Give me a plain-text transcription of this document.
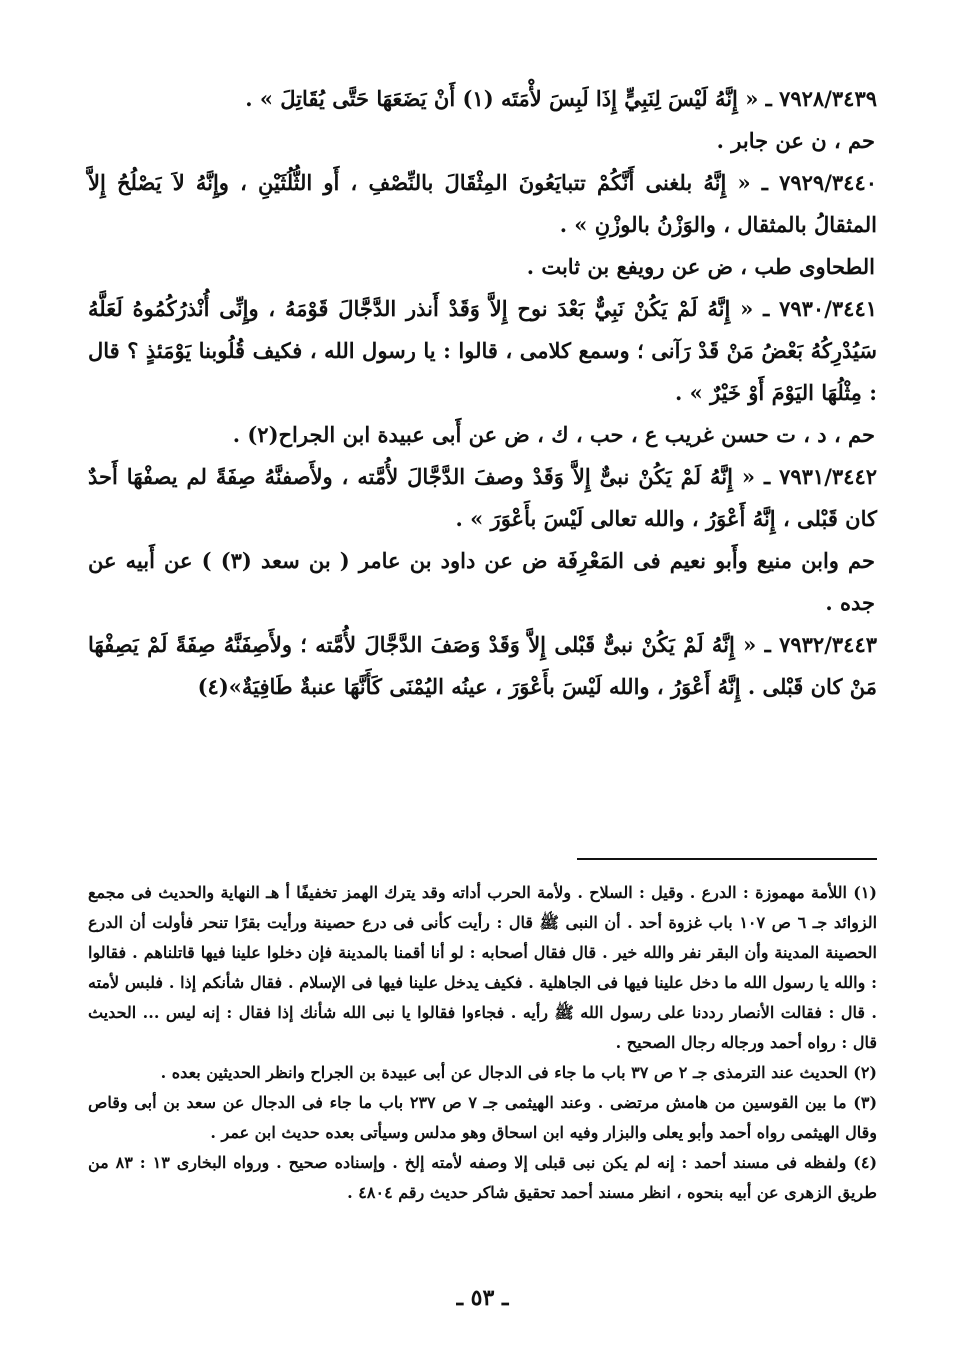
٧٩٢٨/٣٤٣٩ ـ « إِنَّهُ لَيْسَ لِنَبِيٍّ إِذَا لَبِسَ لأْمَتَه (١) أَنْ يَضَعَهَا حَتَّى يُقَاتِلَ » .

حم ، ن عن جابر .

٧٩٢٩/٣٤٤٠ ـ « إِنَّهُ بلغنى أَنَّكُمْ تتبايَعُونَ المِثْقَالَ بالنِّصْفِ ، أَو الثُّلُثَيْنِ ، وإِنَّهُ لاَ يَصْلُحُ إِلاَّ المثقالُ بالمثقال ، والوَزْنُ بالوزْنِ » .

الطحاوى طب ، ض عن رويفع بن ثابت .

٧٩٣٠/٣٤٤١ ـ « إِنَّهُ لَمْ يَكُنْ نَبِيٌّ بَعْدَ نوح إِلاَّ وَقَدْ أَنذر الدَّجَّالَ قَوْمَهُ ، وإِنِّى أُنْذرُكُمُوهُ لَعَلَّهُ سَيُدْرِكُهُ بَعْضُ مَنْ قَدْ رَآنى ؛ وسمع كلامى ، قالوا : يا رسول الله ، فكيف قُلُوبنا يَوْمَئذٍ ؟ قال : مِثْلُهَا اليَوْمَ أَوْ خَيْرٌ » .

حم ، د ، ت حسن غريب ع ، حب ، ك ، ض عن أَبى عبيدة ابن الجراح(٢) .

٧٩٣١/٣٤٤٢ ـ « إِنَّهُ لَمْ يَكُنْ نبىٌّ إِلاَّ وَقَدْ وصفَ الدَّجَّالَ لأُمَّته ، ولأَصفنَّهُ صِفَةً لم يصفْهَا أَحدٌ كان قَبْلى ، إِنَّهُ أَعْوَرُ ، والله تعالى لَيْسَ بأَعْوَرَ » .

حم وابن منيع وأَبو نعيم فى المَعْرِفَة ض عن داود بن عامر ( بن سعد (٣) ) عن أَبيه عن جده .

٧٩٣٢/٣٤٤٣ ـ « إِنَّهُ لَمْ يَكُنْ نبىٌّ قَبْلى إِلاَّ وَقَدْ وَصَفَ الدَّجَّالَ لأُمَّته ؛ ولأَصِفَنَّهُ صِفَةً لَمْ يَصِفْهَا مَنْ كان قَبْلى . إِنَّهُ أَعْوَرُ ، والله لَيْسَ بأَعْوَرَ ، عينُه اليُمْنَى كَأَنَّهَا عنبةٌ طَافِيَةٌ»(٤)

(١) اللأمة مهموزة : الدرع . وقيل : السلاح . ولأمة الحرب أداته وقد يترك الهمز تخفيفًا أ هـ النهاية والحديث فى مجمع الزوائد جـ ٦ ص ١٠٧ باب غزوة أحد . أن النبى ﷺ قال : رأيت كأنى فى درع حصينة ورأيت بقرًا تنحر فأولت أن الدرع الحصينة المدينة وأن البقر نفر والله خير . قال فقال أصحابه : لو أنا أقمنا بالمدينة فإن دخلوا علينا فيها قاتلناهم . فقالوا : والله يا رسول الله ما دخل علينا فيها فى الجاهلية . فكيف يدخل علينا فيها فى الإسلام . فقال شأنكم إذا . فلبس لأمته . قال : فقالت الأنصار رددنا على رسول الله ﷺ رأيه . فجاءوا فقالوا يا نبى الله شأنك إذا فقال : إنه ليس ... الحديث قال : رواه أحمد ورجاله رجال الصحيح .

(٢) الحديث عند الترمذى جـ ٢ ص ٣٧ باب ما جاء فى الدجال عن أبى عبيدة بن الجراح وانظر الحديثين بعده .

(٣) ما بين القوسين من هامش مرتضى . وعند الهيثمى جـ ٧ ص ٢٣٧ باب ما جاء فى الدجال عن سعد بن أبى وقاص وقال الهيثمى رواه أحمد وأبو يعلى والبزار وفيه ابن اسحاق وهو مدلس وسيأتى بعده حديث ابن عمر .

(٤) ولفظه فى مسند أحمد : إنه لم يكن نبى قبلى إلا وصفه لأمته إلخ . وإسناده صحيح . ورواه البخارى ١٣ : ٨٣ من طريق الزهرى عن أبيه بنحوه ، انظر مسند أحمد تحقيق شاكر حديث رقم ٤٨٠٤ .

ـ ٥٣ ـ
